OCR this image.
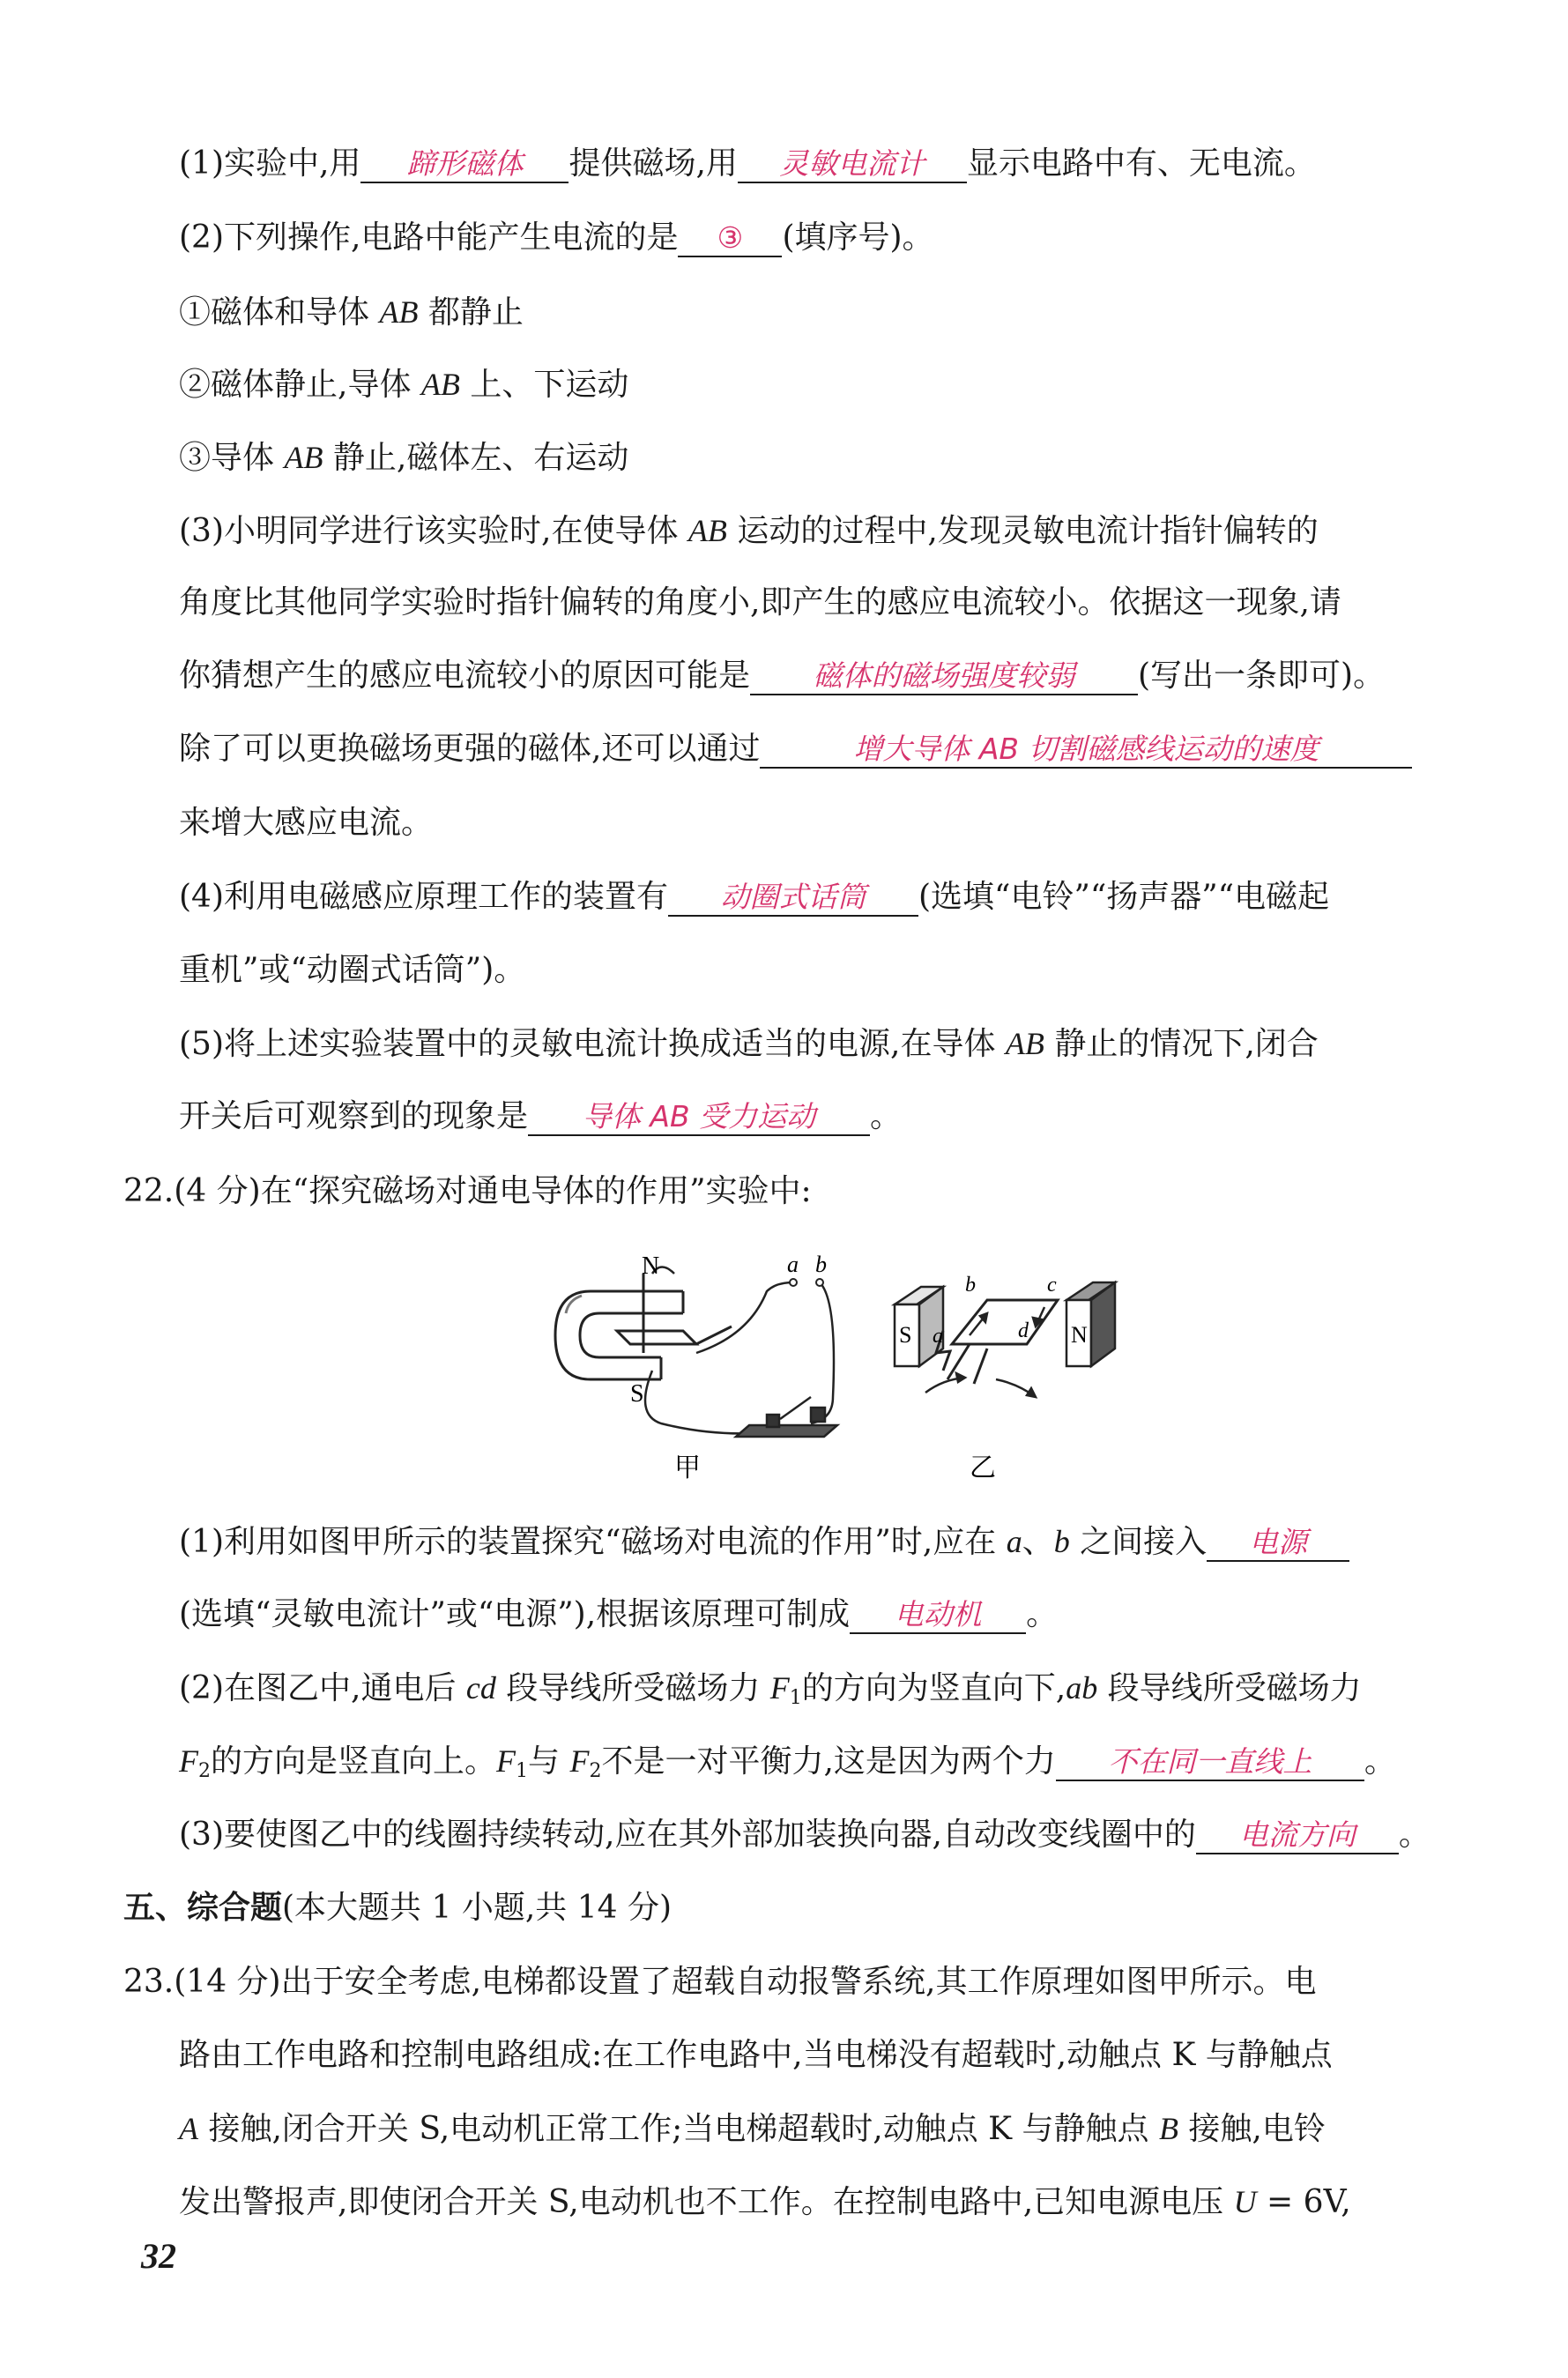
(1)实验中,用 蹄形磁体 提供磁场,用 灵敏电流计 显示电路中有、无电流。
(2)下列操作,电路中能产生电流的是 ③ (填序号)。
①磁体和导体 AB 都静止
②磁体静止,导体 AB 上、下运动
③导体 AB 静止,磁体左、右运动
(3)小明同学进行该实验时,在使导体 AB 运动的过程中,发现灵敏电流计指针偏转的
角度比其他同学实验时指针偏转的角度小,即产生的感应电流较小。依据这一现象,请
你猜想产生的感应电流较小的原因可能是 磁体的磁场强度较弱 (写出一条即可)。
除了可以更换磁场更强的磁体,还可以通过	增大导体 AB 切割磁感线运动的速度
来增大感应电流。
(4)利用电磁感应原理工作的装置有 动圈式话筒 (选填“电铃”“扬声器”“电磁起
重机”或“动圈式话筒”)。
(5)将上述实验装置中的灵敏电流计换成适当的电源,在导体 AB 静止的情况下,闭合
开关后可观察到的现象是 导体 AB 受力运动 。
22.(4 分)在“探究磁场对通电导体的作用”实验中:
N
S
a b
甲
S	N
a
b	c
d
乙
(1)利用如图甲所示的装置探究“磁场对电流的作用”时,应在 a、b 之间接入 电源
(选填“灵敏电流计”或“电源”),根据该原理可制成 电动机 。
(2)在图乙中,通电后 cd 段导线所受磁场力 $F_1$的方向为竖直向下,ab 段导线所受磁场力
$F_2$的方向是竖直向上。$F_1$与 $F_2$不是一对平衡力,这是因为两个力 不在同一直线上 。
(3)要使图乙中的线圈持续转动,应在其外部加装换向器,自动改变线圈中的 电流方向 。
五、综合题(本大题共 1 小题,共 14 分)
23.(14 分)出于安全考虑,电梯都设置了超载自动报警系统,其工作原理如图甲所示。电
路由工作电路和控制电路组成:在工作电路中,当电梯没有超载时,动触点 K 与静触点
A 接触,闭合开关 S,电动机正常工作;当电梯超载时,动触点 K 与静触点 B 接触,电铃
发出警报声,即使闭合开关 S,电动机也不工作。在控制电路中,已知电源电压 U = 6V,
32
